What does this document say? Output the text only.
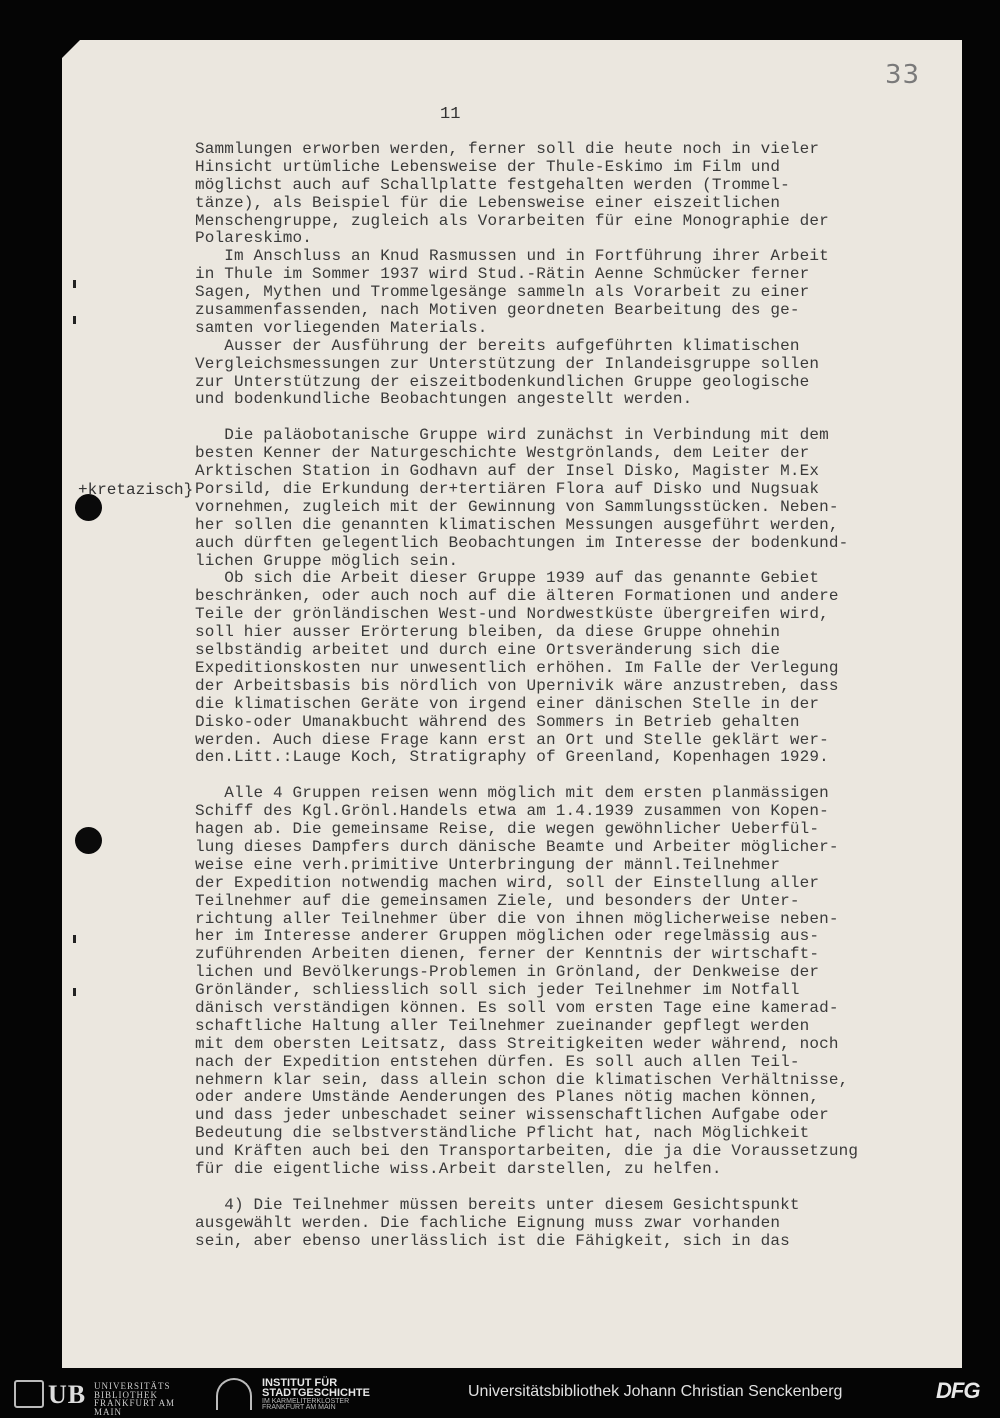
33
11
+kretazisch}
Sammlungen erworben werden, ferner soll die heute noch in vieler
Hinsicht urtümliche Lebensweise der Thule-Eskimo im Film und
möglichst auch auf Schallplatte festgehalten werden (Trommel-
tänze), als Beispiel für die Lebensweise einer eiszeitlichen
Menschengruppe, zugleich als Vorarbeiten für eine Monographie der
Polareskimo.
Im Anschluss an Knud Rasmussen und in Fortführung ihrer Arbeit
in Thule im Sommer 1937 wird Stud.-Rätin Aenne Schmücker ferner
Sagen, Mythen und Trommelgesänge sammeln als Vorarbeit zu einer
zusammenfassenden, nach Motiven geordneten Bearbeitung des ge-
samten vorliegenden Materials.
Ausser der Ausführung der bereits aufgeführten klimatischen
Vergleichsmessungen zur Unterstützung der Inlandeisgruppe sollen
zur Unterstützung der eiszeitbodenkundlichen Gruppe geologische
und bodenkundliche Beobachtungen angestellt werden.
Die paläobotanische Gruppe wird zunächst in Verbindung mit dem
besten Kenner der Naturgeschichte Westgrönlands, dem Leiter der
Arktischen Station in Godhavn auf der Insel Disko, Magister M.Ex
Porsild, die Erkundung der+tertiären Flora auf Disko und Nugsuak
vornehmen, zugleich mit der Gewinnung von Sammlungsstücken. Neben-
her sollen die genannten klimatischen Messungen ausgeführt werden,
auch dürften gelegentlich Beobachtungen im Interesse der bodenkund-
lichen Gruppe möglich sein.
Ob sich die Arbeit dieser Gruppe 1939 auf das genannte Gebiet
beschränken, oder auch noch auf die älteren Formationen und andere
Teile der grönländischen West-und Nordwestküste übergreifen wird,
soll hier ausser Erörterung bleiben, da diese Gruppe ohnehin
selbständig arbeitet und durch eine Ortsveränderung sich die
Expeditionskosten nur unwesentlich erhöhen. Im Falle der Verlegung
der Arbeitsbasis bis nördlich von Upernivik wäre anzustreben, dass
die klimatischen Geräte von irgend einer dänischen Stelle in der
Disko-oder Umanakbucht während des Sommers in Betrieb gehalten
werden. Auch diese Frage kann erst an Ort und Stelle geklärt wer-
den.Litt.:Lauge Koch, Stratigraphy of Greenland, Kopenhagen 1929.
Alle 4 Gruppen reisen wenn möglich mit dem ersten planmässigen
Schiff des Kgl.Grönl.Handels etwa am 1.4.1939 zusammen von Kopen-
hagen ab. Die gemeinsame Reise, die wegen gewöhnlicher Ueberfül-
lung dieses Dampfers durch dänische Beamte und Arbeiter möglicher-
weise eine verh.primitive Unterbringung der männl.Teilnehmer
der Expedition notwendig machen wird, soll der Einstellung aller
Teilnehmer auf die gemeinsamen Ziele, und besonders der Unter-
richtung aller Teilnehmer über die von ihnen möglicherweise neben-
her im Interesse anderer Gruppen möglichen oder regelmässig aus-
zuführenden Arbeiten dienen, ferner der Kenntnis der wirtschaft-
lichen und Bevölkerungs-Problemen in Grönland, der Denkweise der
Grönländer, schliesslich soll sich jeder Teilnehmer im Notfall
dänisch verständigen können. Es soll vom ersten Tage eine kamerad-
schaftliche Haltung aller Teilnehmer zueinander gepflegt werden
mit dem obersten Leitsatz, dass Streitigkeiten weder während, noch
nach der Expedition entstehen dürfen. Es soll auch allen Teil-
nehmern klar sein, dass allein schon die klimatischen Verhältnisse,
oder andere Umstände Aenderungen des Planes nötig machen können,
und dass jeder unbeschadet seiner wissenschaftlichen Aufgabe oder
Bedeutung die selbstverständliche Pflicht hat, nach Möglichkeit
und Kräften auch bei den Transportarbeiten, die ja die Voraussetzung
für die eigentliche wiss.Arbeit darstellen, zu helfen.
4) Die Teilnehmer müssen bereits unter diesem Gesichtspunkt
ausgewählt werden. Die fachliche Eignung muss zwar vorhanden
sein, aber ebenso unerlässlich ist die Fähigkeit, sich in das
UB UNIVERSITÄTS
BIBLIOTHEK
FRANKFURT AM MAIN
INSTITUT FÜR
STADTGESCHICHTE
IM KARMELITERKLOSTER
FRANKFURT AM MAIN
Universitätsbibliothek Johann Christian Senckenberg	DFG
